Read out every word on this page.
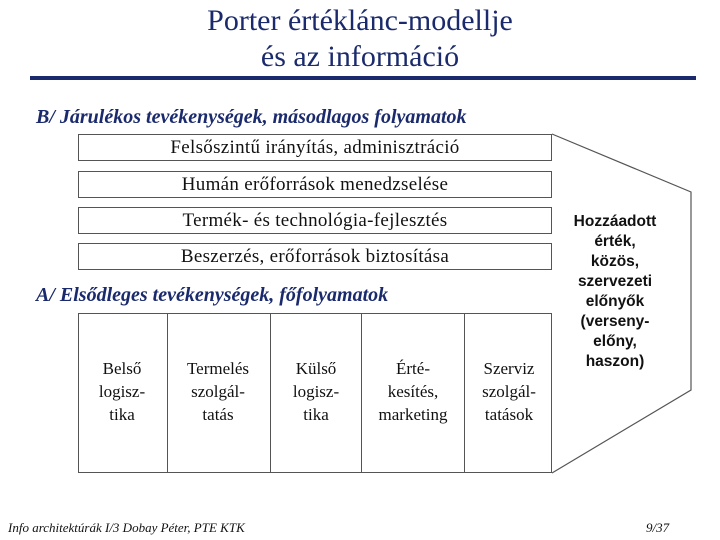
Porter értéklánc-modellje
és az információ
B/ Járulékos tevékenységek, másodlagos folyamatok
Felsőszintű irányítás, adminisztráció
Humán erőforrások menedzselése
Termék- és technológia-fejlesztés
Beszerzés, erőforrások biztosítása
A/ Elsődleges tevékenységek, főfolyamatok
Belső
logisz-
tika
Termelés
szolgál-
tatás
Külső
logisz-
tika
Érté-
kesítés,
marketing
Szerviz
szolgál-
tatások
Hozzáadott
érték,
közös,
szervezeti
előnyők
(verseny-
előny,
haszon)
Info architektúrák I/3 Dobay Péter, PTE KTK	9/37
